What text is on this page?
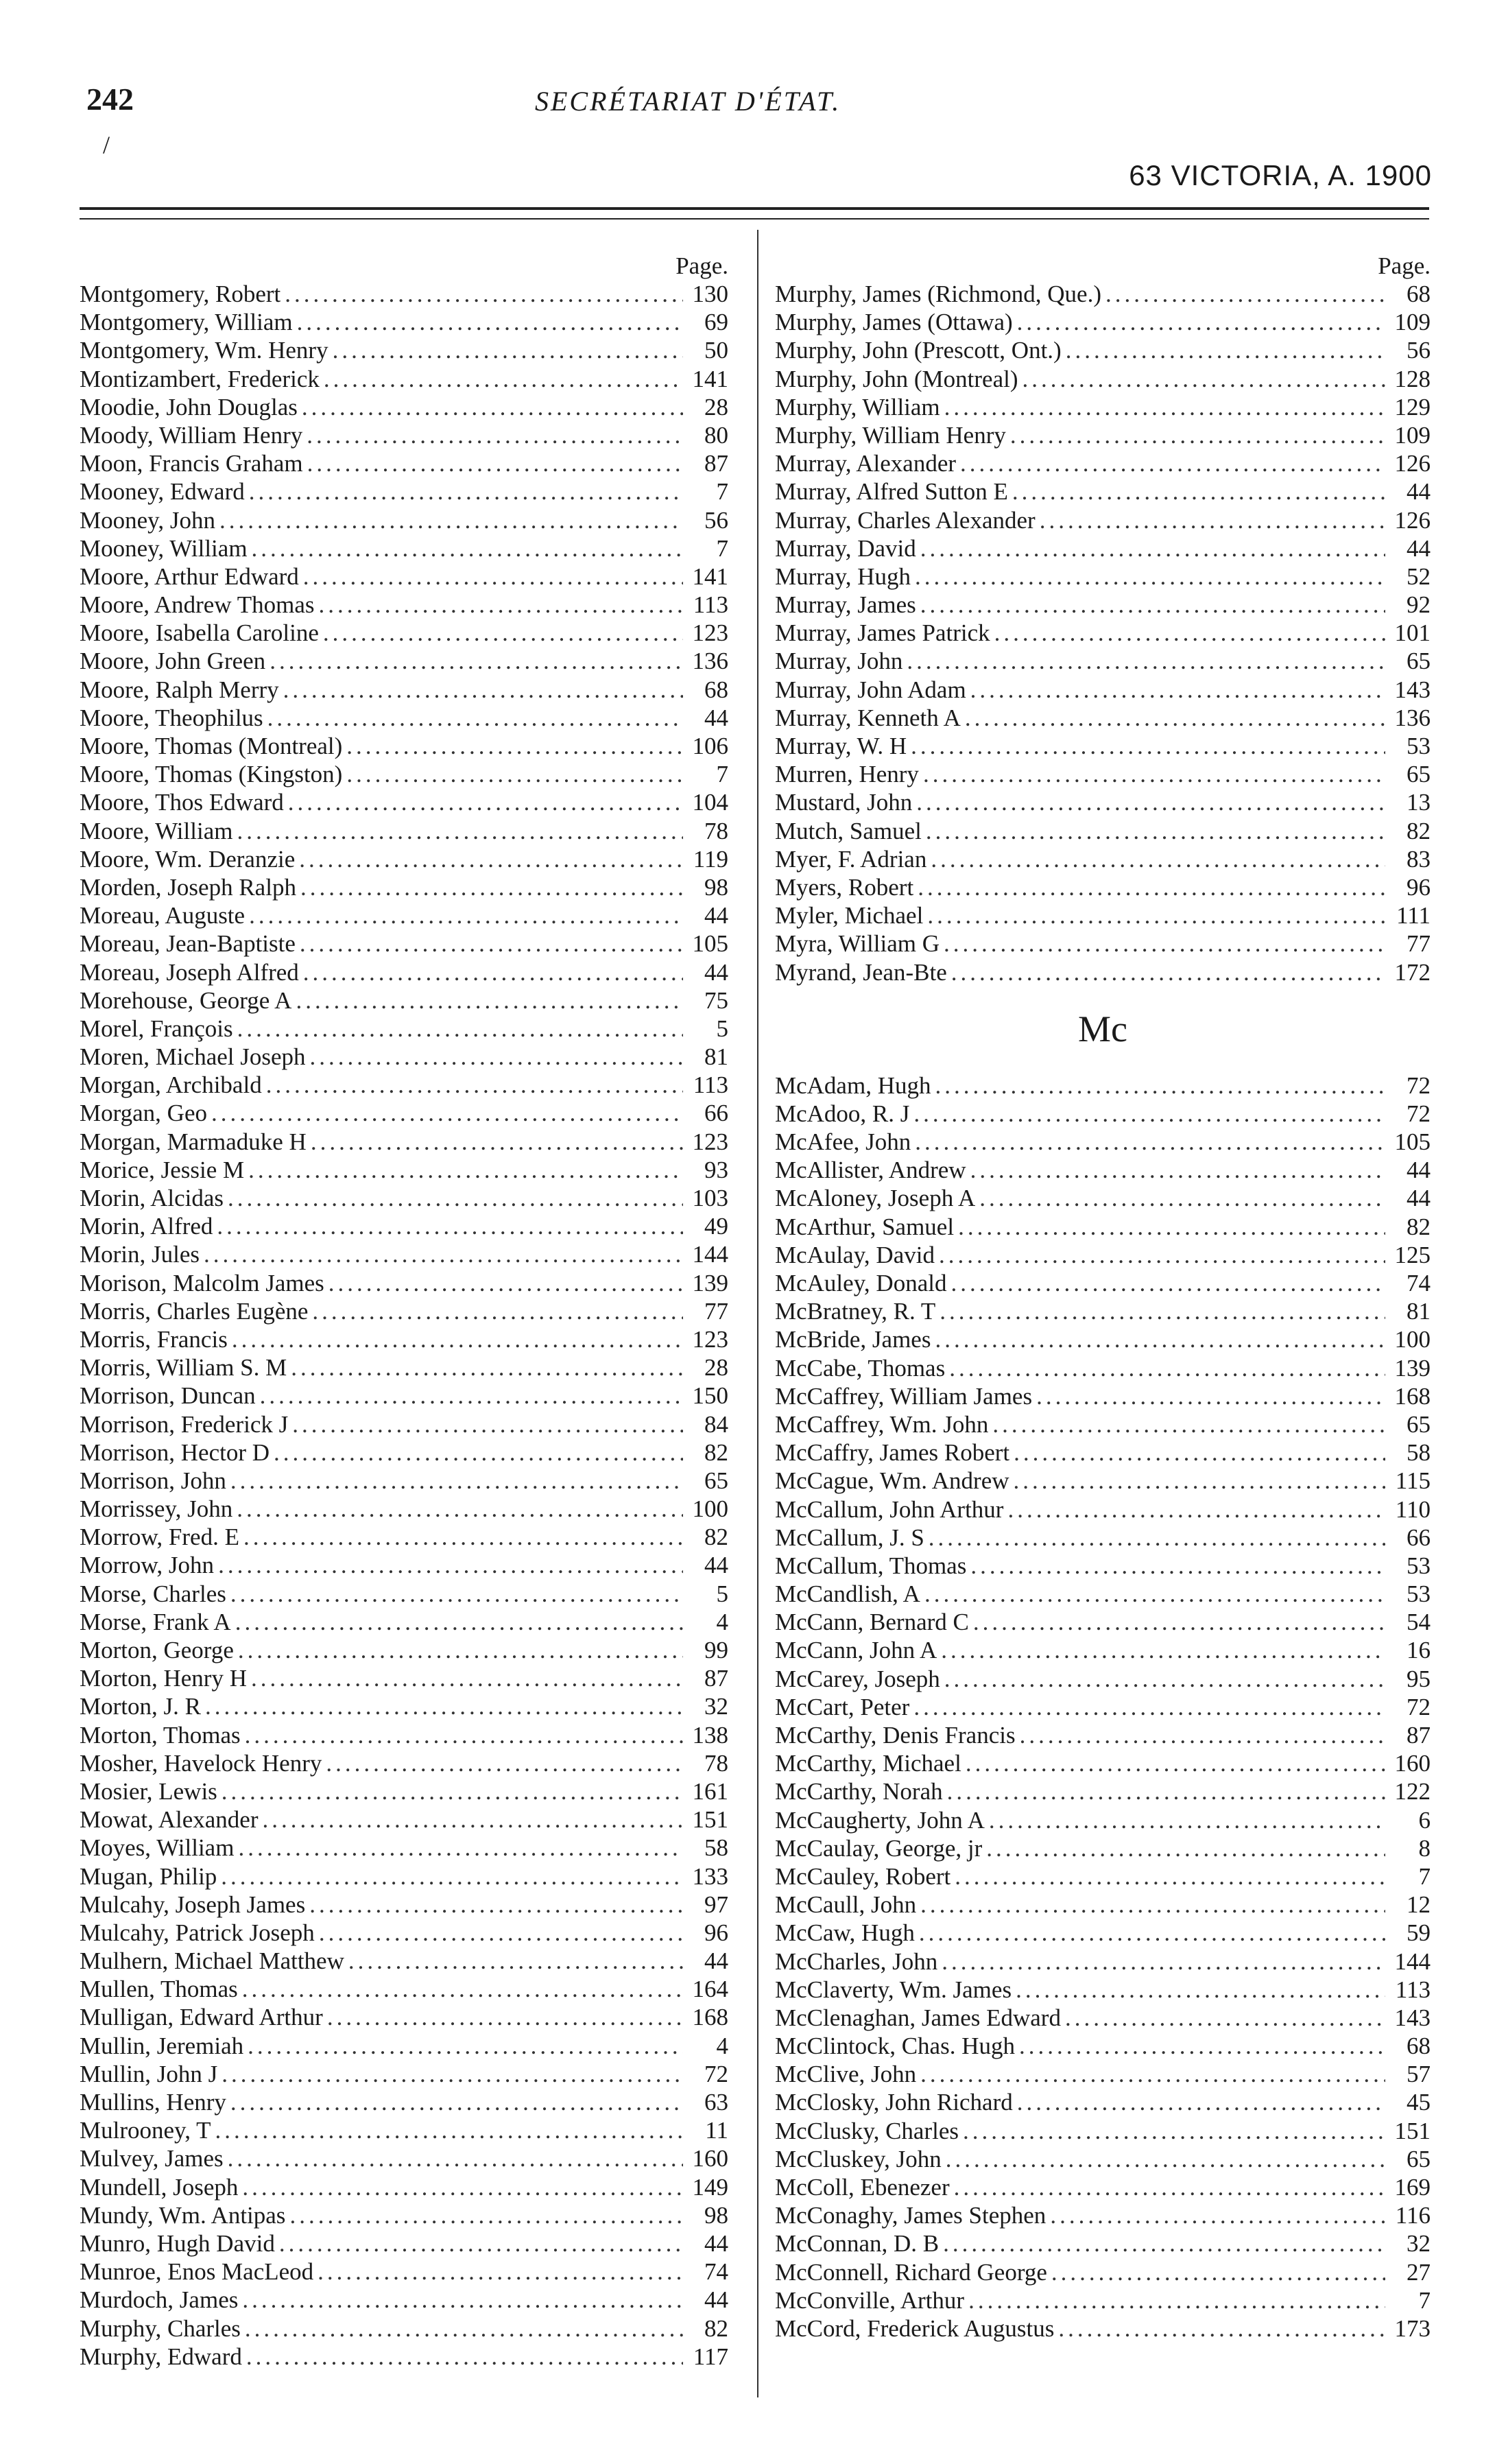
242	SECRÉTARIAT D'ÉTAT.
/
63 VICTORIA, A. 1900
Page.
Montgomery, Robert .....	130
Montgomery, William .....	69
Montgomery, Wm. Henry .....	50
Montizambert, Frederick .....	141
Moodie, John Douglas .....	28
Moody, William Henry .....	80
Moon, Francis Graham .....	87
Mooney, Edward .....	7
Mooney, John .....	56
Mooney, William .....	7
Moore, Arthur Edward .....	141
Moore, Andrew Thomas .....	113
Moore, Isabella Caroline .....	123
Moore, John Green .....	136
Moore, Ralph Merry .....	68
Moore, Theophilus .....	44
Moore, Thomas (Montreal) .....	106
Moore, Thomas (Kingston) .....	7
Moore, Thos Edward .....	104
Moore, William .....	78
Moore, Wm. Deranzie .....	119
Morden, Joseph Ralph .....	98
Moreau, Auguste .....	44
Moreau, Jean-Baptiste .....	105
Moreau, Joseph Alfred .....	44
Morehouse, George A .....	75
Morel, François .....	5
Moren, Michael Joseph .....	81
Morgan, Archibald .....	113
Morgan, Geo .....	66
Morgan, Marmaduke H .....	123
Morice, Jessie M .....	93
Morin, Alcidas .....	103
Morin, Alfred .....	49
Morin, Jules .....	144
Morison, Malcolm James .....	139
Morris, Charles Eugène .....	77
Morris, Francis .....	123
Morris, William S. M .....	28
Morrison, Duncan .....	150
Morrison, Frederick J .....	84
Morrison, Hector D .....	82
Morrison, John .....	65
Morrissey, John .....	100
Morrow, Fred. E .....	82
Morrow, John .....	44
Morse, Charles .....	5
Morse, Frank A .....	4
Morton, George .....	99
Morton, Henry H .....	87
Morton, J. R .....	32
Morton, Thomas .....	138
Mosher, Havelock Henry .....	78
Mosier, Lewis .....	161
Mowat, Alexander .....	151
Moyes, William .....	58
Mugan, Philip .....	133
Mulcahy, Joseph James .....	97
Mulcahy, Patrick Joseph .....	96
Mulhern, Michael Matthew .....	44
Mullen, Thomas .....	164
Mulligan, Edward Arthur .....	168
Mullin, Jeremiah .....	4
Mullin, John J .....	72
Mullins, Henry .....	63
Mulrooney, T .....	11
Mulvey, James .....	160
Mundell, Joseph .....	149
Mundy, Wm. Antipas .....	98
Munro, Hugh David .....	44
Munroe, Enos MacLeod .....	74
Murdoch, James .....	44
Murphy, Charles .....	82
Murphy, Edward .....	117
Page.
Murphy, James (Richmond, Que.) .....	68
Murphy, James (Ottawa) .....	109
Murphy, John (Prescott, Ont.) .....	56
Murphy, John (Montreal) .....	128
Murphy, William .....	129
Murphy, William Henry .....	109
Murray, Alexander .....	126
Murray, Alfred Sutton E .....	44
Murray, Charles Alexander .....	126
Murray, David .....	44
Murray, Hugh .....	52
Murray, James .....	92
Murray, James Patrick .....	101
Murray, John .....	65
Murray, John Adam .....	143
Murray, Kenneth A .....	136
Murray, W. H .....	53
Murren, Henry .....	65
Mustard, John .....	13
Mutch, Samuel .....	82
Myer, F. Adrian .....	83
Myers, Robert .....	96
Myler, Michael .....	111
Myra, William G .....	77
Myrand, Jean-Bte .....	172
Mc
McAdam, Hugh .....	72
McAdoo, R. J .....	72
McAfee, John .....	105
McAllister, Andrew .....	44
McAloney, Joseph A .....	44
McArthur, Samuel .....	82
McAulay, David .....	125
McAuley, Donald .....	74
McBratney, R. T .....	81
McBride, James .....	100
McCabe, Thomas .....	139
McCaffrey, William James .....	168
McCaffrey, Wm. John .....	65
McCaffry, James Robert .....	58
McCague, Wm. Andrew .....	115
McCallum, John Arthur .....	110
McCallum, J. S .....	66
McCallum, Thomas .....	53
McCandlish, A .....	53
McCann, Bernard C .....	54
McCann, John A .....	16
McCarey, Joseph .....	95
McCart, Peter .....	72
McCarthy, Denis Francis .....	87
McCarthy, Michael .....	160
McCarthy, Norah .....	122
McCaugherty, John A .....	6
McCaulay, George, jr .....	8
McCauley, Robert .....	7
McCaull, John .....	12
McCaw, Hugh .....	59
McCharles, John .....	144
McClaverty, Wm. James .....	113
McClenaghan, James Edward .....	143
McClintock, Chas. Hugh .....	68
McClive, John .....	57
McClosky, John Richard .....	45
McClusky, Charles .....	151
McCluskey, John .....	65
McColl, Ebenezer .....	169
McConaghy, James Stephen .....	116
McConnan, D. B .....	32
McConnell, Richard George .....	27
McConville, Arthur .....	7
McCord, Frederick Augustus .....	173
